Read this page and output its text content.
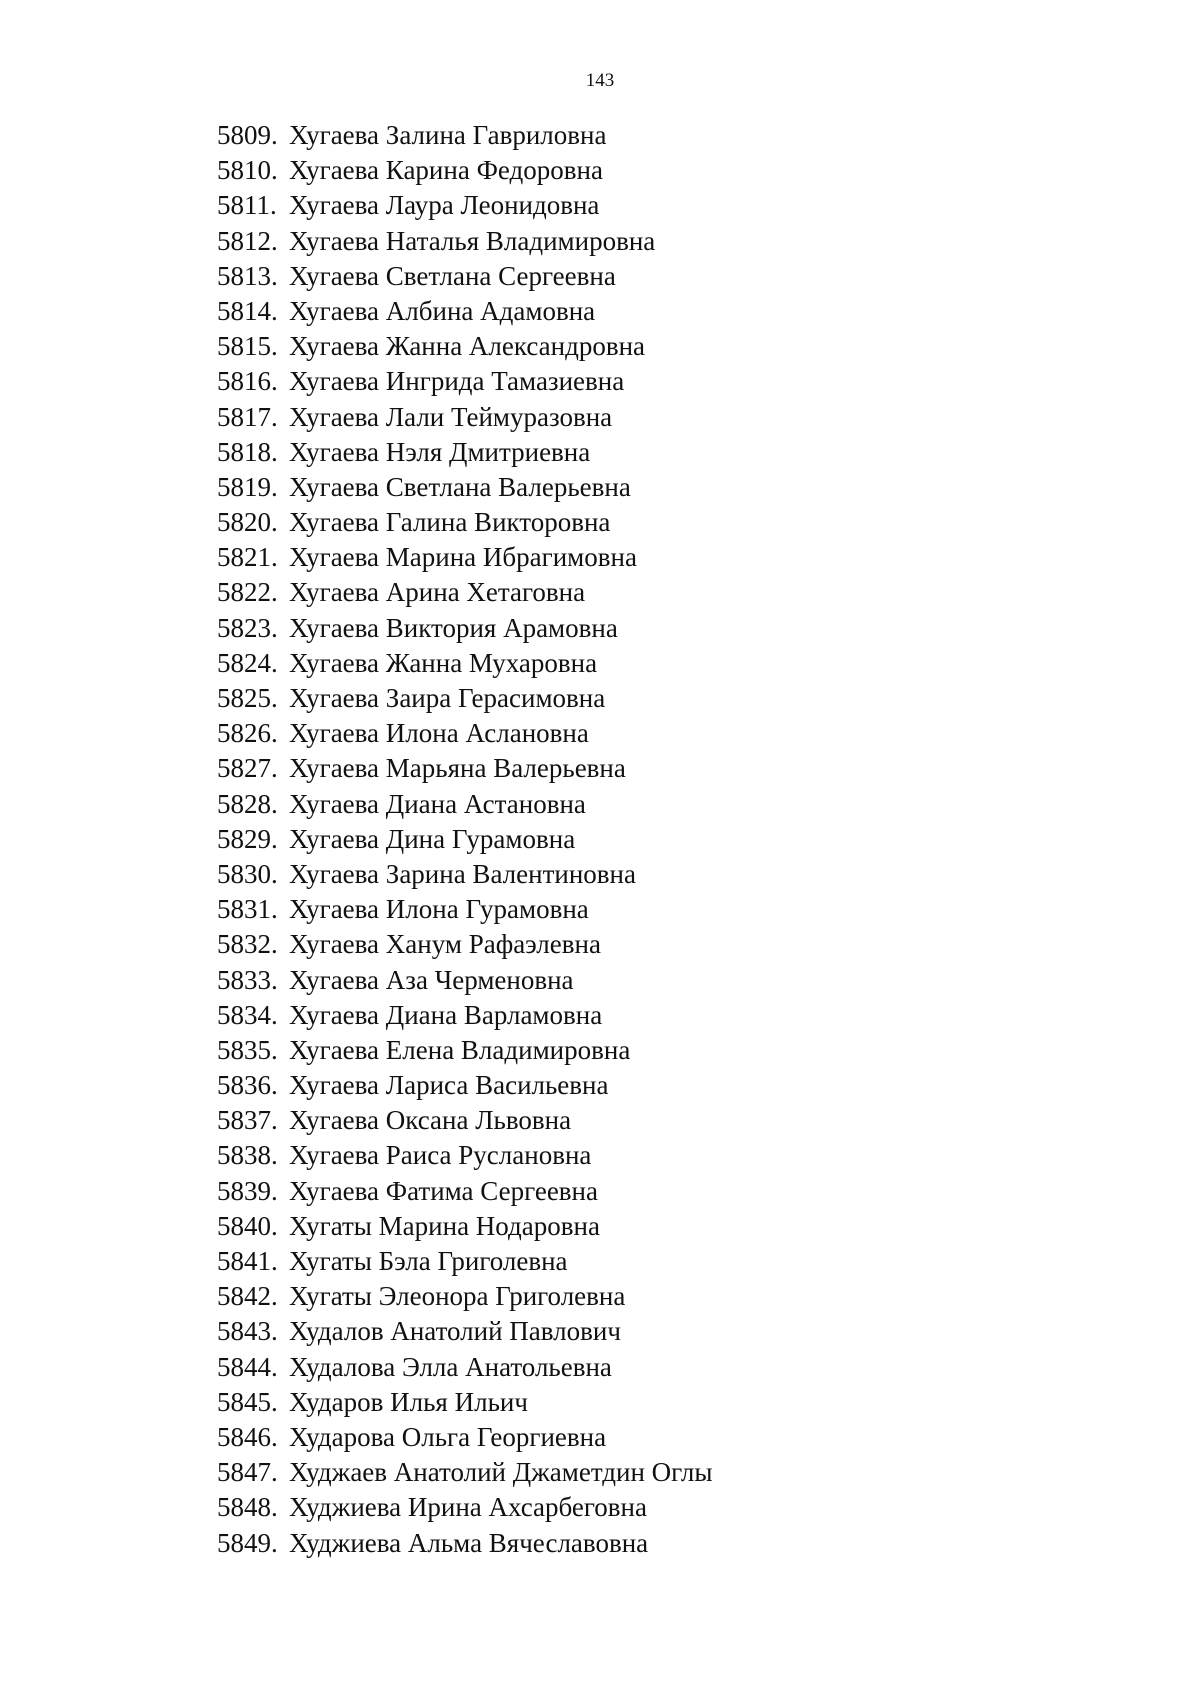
143
5809. Хугаева Залина Гавриловна
5810. Хугаева Карина Федоровна
5811. Хугаева Лаура Леонидовна
5812. Хугаева Наталья Владимировна
5813. Хугаева Светлана Сергеевна
5814. Хугаева Албина Адамовна
5815. Хугаева Жанна Александровна
5816. Хугаева Ингрида Тамазиевна
5817. Хугаева Лали Теймуразовна
5818. Хугаева Нэля Дмитриевна
5819. Хугаева Светлана Валерьевна
5820. Хугаева Галина Викторовна
5821. Хугаева Марина Ибрагимовна
5822. Хугаева Арина Хетаговна
5823. Хугаева Виктория Арамовна
5824. Хугаева Жанна Мухаровна
5825. Хугаева Заира Герасимовна
5826. Хугаева Илона Аслановна
5827. Хугаева Марьяна Валерьевна
5828. Хугаева Диана Астановна
5829. Хугаева Дина Гурамовна
5830. Хугаева Зарина Валентиновна
5831. Хугаева Илона Гурамовна
5832. Хугаева Ханум Рафаэлевна
5833. Хугаева Аза Черменовна
5834. Хугаева Диана Варламовна
5835. Хугаева Елена Владимировна
5836. Хугаева Лариса Васильевна
5837. Хугаева Оксана Львовна
5838. Хугаева Раиса Руслановна
5839. Хугаева Фатима Сергеевна
5840. Хугаты Марина Нодаровна
5841. Хугаты Бэла Григолевна
5842. Хугаты Элеонора Григолевна
5843. Худалов Анатолий Павлович
5844. Худалова Элла Анатольевна
5845. Хударов Илья Ильич
5846. Хударова Ольга Георгиевна
5847. Худжаев Анатолий Джаметдин Оглы
5848. Худжиева Ирина Ахсарбеговна
5849. Худжиева Альма Вячеславовна
